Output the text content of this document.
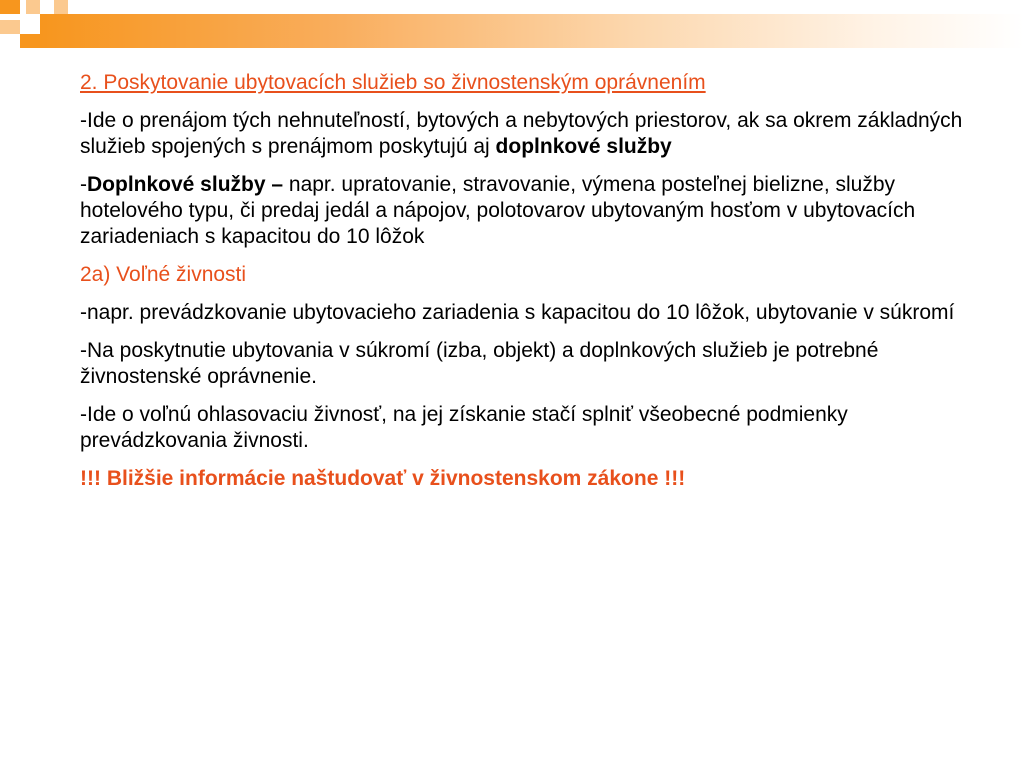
2. Poskytovanie ubytovacích služieb so živnostenským oprávnením

-Ide o prenájom tých nehnuteľností, bytových a nebytových priestorov, ak sa okrem základných služieb spojených s prenájmom poskytujú aj doplnkové služby

-Doplnkové služby – napr. upratovanie, stravovanie, výmena posteľnej bielizne, služby hotelového typu, či predaj jedál a nápojov, polotovarov ubytovaným hosťom v ubytovacích zariadeniach s kapacitou do 10 lôžok

2a) Voľné živnosti

-napr. prevádzkovanie ubytovacieho zariadenia s kapacitou do 10 lôžok, ubytovanie v súkromí

-Na poskytnutie ubytovania v súkromí (izba, objekt) a doplnkových služieb je potrebné živnostenské oprávnenie.

-Ide o voľnú ohlasovaciu živnosť, na jej získanie stačí splniť všeobecné podmienky prevádzkovania živnosti.

!!! Bližšie informácie naštudovať v živnostenskom zákone !!!
